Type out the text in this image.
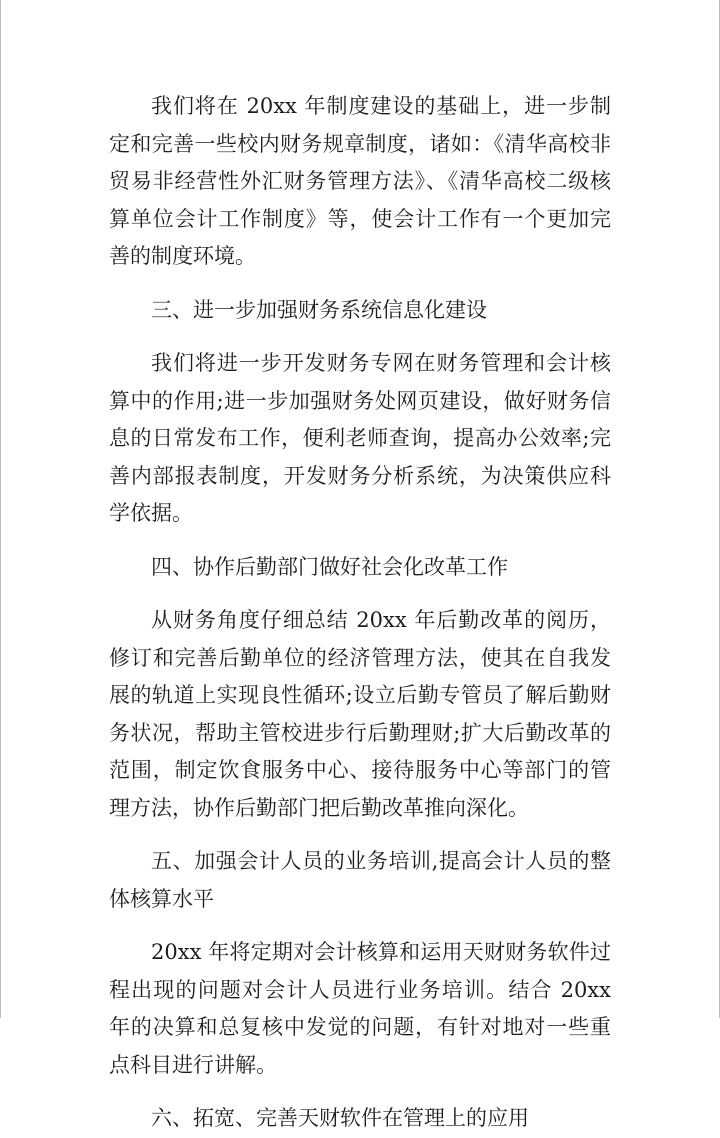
我们将在 20xx 年制度建设的基础上，进一步制定和完善一些校内财务规章制度，诸如：《清华高校非贸易非经营性外汇财务管理方法》、《清华高校二级核算单位会计工作制度》等，使会计工作有一个更加完善的制度环境。

三、进一步加强财务系统信息化建设

我们将进一步开发财务专网在财务管理和会计核算中的作用;进一步加强财务处网页建设，做好财务信息的日常发布工作，便利老师查询，提高办公效率;完善内部报表制度，开发财务分析系统，为决策供应科学依据。

四、协作后勤部门做好社会化改革工作

从财务角度仔细总结 20xx 年后勤改革的阅历，修订和完善后勤单位的经济管理方法，使其在自我发展的轨道上实现良性循环;设立后勤专管员了解后勤财务状况，帮助主管校进步行后勤理财;扩大后勤改革的范围，制定饮食服务中心、接待服务中心等部门的管理方法，协作后勤部门把后勤改革推向深化。

五、加强会计人员的业务培训,提高会计人员的整体核算水平

20xx 年将定期对会计核算和运用天财财务软件过程出现的问题对会计人员进行业务培训。结合 20xx 年的决算和总复核中发觉的问题，有针对地对一些重点科目进行讲解。

六、拓宽、完善天财软件在管理上的应用
